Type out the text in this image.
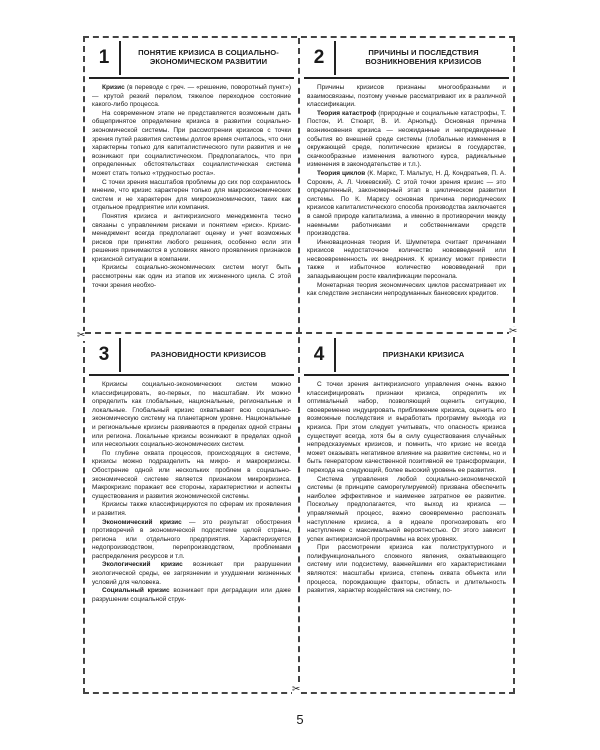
1	ПОНЯТИЕ КРИЗИСА В СОЦИАЛЬНО-ЭКОНОМИЧЕСКОМ РАЗВИТИИ

Кризис (в переводе с греч. — «решение, поворотный пункт») — крутой резкий перелом, тяжелое переходное состояние какого-либо процесса.

На современном этапе не представляется возможным дать общепринятое определение кризиса в развитии социально-экономической системы. При рассмотрении кризисов с точки зрения путей развития системы долгое время считалось, что они характерны только для капиталистического пути развития и не возникают при социалистическом. Предполагалось, что при определенных обстоятельствах социалистическая система может стать только «трудностью роста».

С точки зрения масштабов проблемы до сих пор сохранилось мнение, что кризис характерен только для макроэкономических систем и не характерен для микроэкономических, таких как отдельное предприятие или компания.

Понятия кризиса и антикризисного менеджмента тесно связаны с управлением рисками и понятием «риск». Кризис-менеджмент всегда предполагает оценку и учет возможных рисков при принятии любого решения, особенно если эти решения принимаются в условиях явного проявления признаков кризисной ситуации в компании.

Кризисы социально-экономических систем могут быть рассмотрены как один из этапов их жизненного цикла. С этой точки зрения необхо-

2	ПРИЧИНЫ И ПОСЛЕДСТВИЯ ВОЗНИКНОВЕНИЯ КРИЗИСОВ

Причины кризисов признаны многообразными и взаимосвязаны, поэтому ученые рассматривают их в различной классификации.

Теория катастроф (природные и социальные катастрофы, Т. Постон, И. Стюарт, В. И. Арнольд). Основная причина возникновения кризиса — неожиданные и непредвиденные события во внешней среде системы (глобальные изменения в окружающей среде, политические кризисы в государстве, скачкообразные изменения валютного курса, радикальные изменения в законодательстве и т.п.).

Теория циклов (К. Маркс, Т. Мальтус, Н. Д. Кондратьев, П. А. Сорокин, А. Л. Чижевский). С этой точки зрения кризис — это определенный, закономерный этап в циклическом развитии системы. По К. Марксу основная причина периодических кризисов капиталистического способа производства заключается в самой природе капитализма, а именно в противоречии между наемными работниками и собственниками средств производства.

Инновационная теория И. Шумпетера считает причинами кризисов недостаточное количество нововведений или несвоевременность их внедрения. К кризису может привести также и избыточное количество нововведений при запаздывающем росте квалификации персонала.

Монетарная теория экономических циклов рассматривает их как следствие экспансии непродуманных банковских кредитов.

3	РАЗНОВИДНОСТИ КРИЗИСОВ

Кризисы социально-экономических систем можно классифицировать, во-первых, по масштабам. Их можно определить как глобальные, национальные, региональные и локальные. Глобальный кризис охватывает всю социально-экономическую систему на планетарном уровне. Национальные и региональные кризисы развиваются в пределах одной страны или региона. Локальные кризисы возникают в пределах одной или нескольких социально-экономических систем.

По глубине охвата процессов, происходящих в системе, кризисы можно подразделить на микро- и макрокризисы. Обострение одной или нескольких проблем в социально-экономической системе является признаком микрокризиса. Макрокризис поражает все стороны, характеристики и аспекты существования и развития экономической системы.

Кризисы также классифицируются по сферам их проявления и развития.

Экономический кризис — это результат обострения противоречий в экономической подсистеме целой страны, региона или отдельного предприятия. Характеризуется недопроизводством, перепроизводством, проблемами распределения ресурсов и т.п.

Экологический кризис возникает при разрушении экологической среды, ее загрязнении и ухудшении жизненных условий для человека.

Социальный кризис возникает при деградации или даже разрушении социальной струк-

4	ПРИЗНАКИ КРИЗИСА

С точки зрения антикризисного управления очень важно классифицировать признаки кризиса, определить их оптимальный набор, позволяющий оценить ситуацию, своевременно индуцировать приближение кризиса, оценить его возможные последствия и выработать программу выхода из кризиса. При этом следует учитывать, что опасность кризиса существует всегда, хотя бы в силу существования случайных непредсказуемых кризисов, и помнить, что кризис не всегда может оказывать негативное влияние на развитие системы, но и быть генератором качественной позитивной ее трансформации, перехода на следующий, более высокий уровень ее развития.

Система управления любой социально-экономической системы (в принципе саморегулируемой) призвана обеспечить наиболее эффективное и наименее затратное ее развитие. Поскольку предполагается, что выход из кризиса — управляемый процесс, важно своевременно распознать наступление кризиса, а в идеале прогнозировать его наступление с максимальной вероятностью. От этого зависит успех антикризисной программы на всех уровнях.

При рассмотрении кризиса как полиструктурного и полифункционального сложного явления, охватывающего систему или подсистему, важнейшими его характеристиками являются: масштабы кризиса, степень охвата объекта или процесса, порождающие факторы, область и длительность развития, характер воздействия на систему, по-

✂	✂
✂
5
